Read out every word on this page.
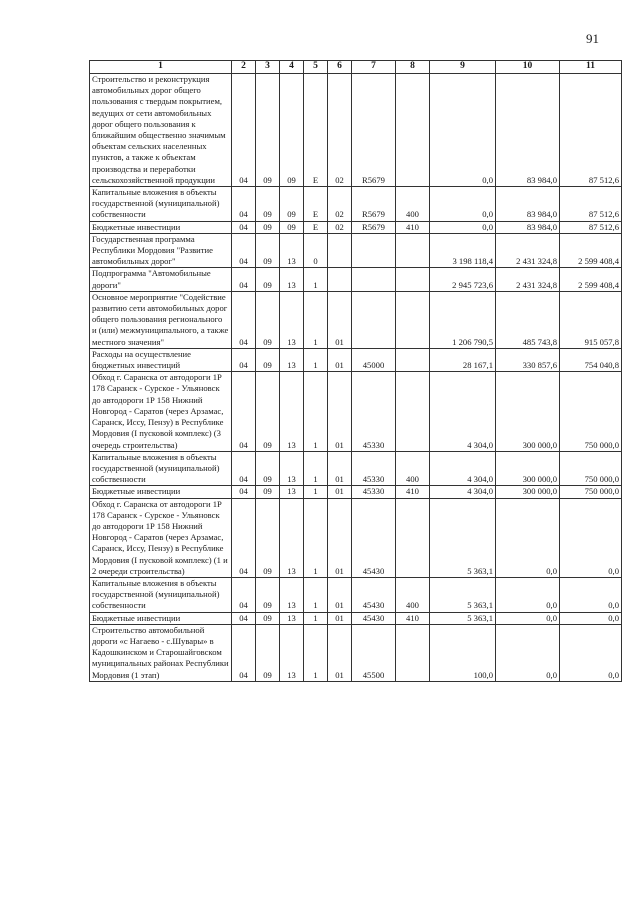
91
1	2	3	4	5	6	7	8	9	10	11
Строительство и реконструкция автомобильных дорог общего пользования с твердым покрытием, ведущих от сети автомобильных дорог общего пользования к ближайшим общественно значимым объектам сельских населенных пунктов, а также к объектам производства и переработки сельскохозяйственной продукции	04	09	09	Е	02	R5679		0,0	83 984,0	87 512,6
Капитальные вложения в объекты государственной (муниципальной) собственности	04	09	09	Е	02	R5679	400	0,0	83 984,0	87 512,6
Бюджетные инвестиции	04	09	09	Е	02	R5679	410	0,0	83 984,0	87 512,6
Государственная программа Республики Мордовия "Развитие автомобильных дорог"	04	09	13	0				3 198 118,4	2 431 324,8	2 599 408,4
Подпрограмма "Автомобильные дороги"	04	09	13	1				2 945 723,6	2 431 324,8	2 599 408,4
Основное мероприятие "Содействие развитию сети автомобильных дорог общего пользования регионального и (или) межмуниципального, а также местного значения"	04	09	13	1	01			1 206 790,5	485 743,8	915 057,8
Расходы на осуществление бюджетных инвестиций	04	09	13	1	01	45000		28 167,1	330 857,6	754 040,8
Обход г. Саранска от автодороги 1Р 178 Саранск - Сурское - Ульяновск до автодороги 1Р 158 Нижний Новгород - Саратов (через Арзамас, Саранск, Иссу, Пензу) в Республике Мордовия (I пусковой комплекс) (3 очередь строительства)	04	09	13	1	01	45330		4 304,0	300 000,0	750 000,0
Капитальные вложения в объекты государственной (муниципальной) собственности	04	09	13	1	01	45330	400	4 304,0	300 000,0	750 000,0
Бюджетные инвестиции	04	09	13	1	01	45330	410	4 304,0	300 000,0	750 000,0
Обход г. Саранска от автодороги 1Р 178 Саранск - Сурское - Ульяновск до автодороги 1Р 158 Нижний Новгород - Саратов (через Арзамас, Саранск, Иссу, Пензу) в Республике Мордовия (I пусковой комплекс) (1 и 2 очереди строительства)	04	09	13	1	01	45430		5 363,1	0,0	0,0
Капитальные вложения в объекты государственной (муниципальной) собственности	04	09	13	1	01	45430	400	5 363,1	0,0	0,0
Бюджетные инвестиции	04	09	13	1	01	45430	410	5 363,1	0,0	0,0
Строительство автомобильной дороги «с Нагаево - с.Шувары» в Кадошкинском и Старошайговском муниципальных районах Республики Мордовия (1 этап)	04	09	13	1	01	45500		100,0	0,0	0,0
